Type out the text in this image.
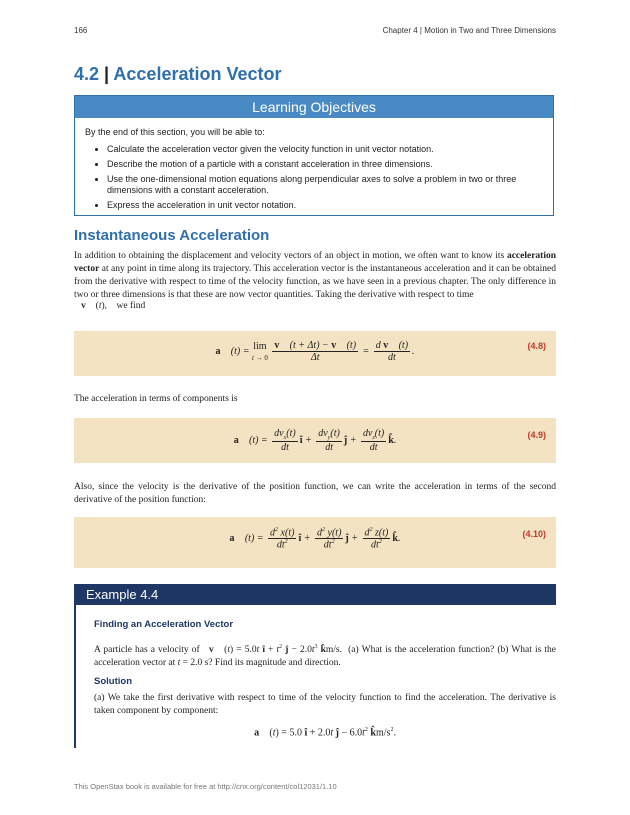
166	Chapter 4 | Motion in Two and Three Dimensions
4.2 | Acceleration Vector
Learning Objectives
By the end of this section, you will be able to:
• Calculate the acceleration vector given the velocity function in unit vector notation.
• Describe the motion of a particle with a constant acceleration in three dimensions.
• Use the one-dimensional motion equations along perpendicular axes to solve a problem in two or three dimensions with a constant acceleration.
• Express the acceleration in unit vector notation.
Instantaneous Acceleration
In addition to obtaining the displacement and velocity vectors of an object in motion, we often want to know its acceleration vector at any point in time along its trajectory. This acceleration vector is the instantaneous acceleration and it can be obtained from the derivative with respect to time of the velocity function, as we have seen in a previous chapter. The only difference in two or three dimensions is that these are now vector quantities. Taking the derivative with respect to time
v⃗ (t),    we find
(4.8)
a⃗ (t) = lim
$t \to 0 \frac{v⃗ (t + \Delta t) - v⃗ (t)}{\Delta t} = \frac{\text{d v⃗ (t)}}{dt}$ .
The acceleration in terms of components is
(4.9)
a⃗ $(t) = \frac{dv_x(t)}{dt}$ î + $\frac{dv_y(t)}{dt}$ ĵ + $\frac{dv_z(t)}{dt}$ k̂.
Also, since the velocity is the derivative of the position function, we can write the acceleration in terms of the second derivative of the position function:
(4.10)
a⃗ $(t) = \frac{d^2 x(t)}{dt^2}$ î + $\frac{d^2 y(t)}{dt^2}$ ĵ + $\frac{d^2 z(t)}{dt^2}$ k̂.
Example 4.4
Finding an Acceleration Vector
A particle has a velocity of v⃗ (t) = 5.0t î + $t^2$ ĵ − $2.0t^3$ k̂m/s.  (a) What is the acceleration function? (b) What is the acceleration vector at t = 2.0 s? Find its magnitude and direction.
Solution
(a) We take the first derivative with respect to time of the velocity function to find the acceleration. The derivative is taken component by component:
a⃗ (t) = 5.0 î + 2.0t ĵ − $6.0t^2$ $k̂m/s^2$.
This OpenStax book is available for free at http://cnx.org/content/col12031/1.10
